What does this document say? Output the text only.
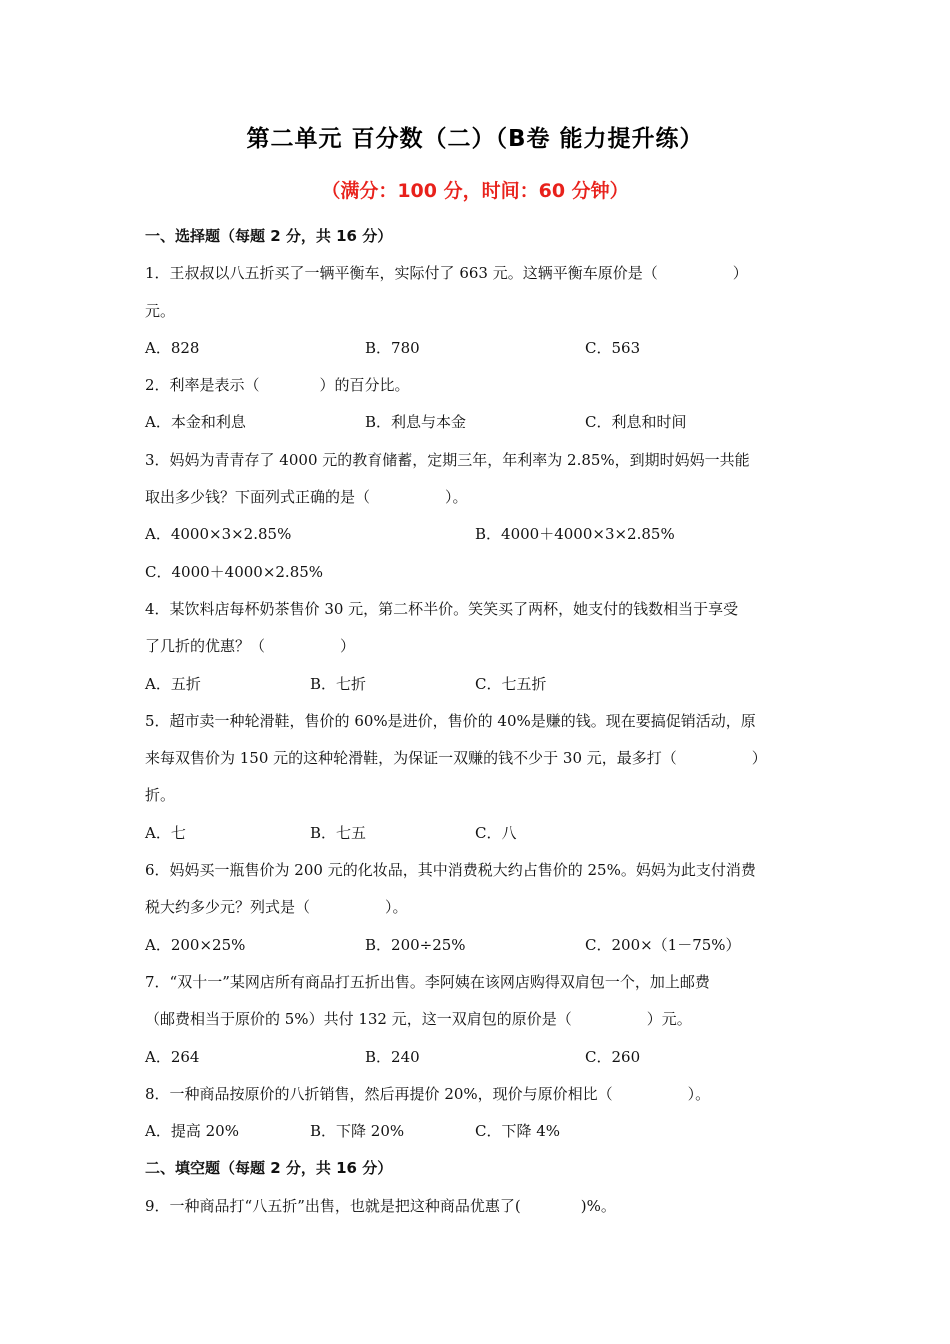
第二单元 百分数（二）（B卷 能力提升练）
（满分：100 分，时间：60 分钟）
一、选择题（每题 2 分，共 16 分）
1．王叔叔以八五折买了一辆平衡车，实际付了 663 元。这辆平衡车原价是（　　　　　）
元。
A．828	B．780	C．563
2．利率是表示（　　　　）的百分比。
A．本金和利息	B．利息与本金	C．利息和时间
3．妈妈为青青存了 4000 元的教育储蓄，定期三年，年利率为 2.85%，到期时妈妈一共能
取出多少钱？下面列式正确的是（　　　　　）。
A．4000×3×2.85%	B．4000＋4000×3×2.85%
C．4000＋4000×2.85%
4．某饮料店每杯奶茶售价 30 元，第二杯半价。笑笑买了两杯，她支付的钱数相当于享受
了几折的优惠？（　　　　　）
A．五折	B．七折	C．七五折
5．超市卖一种轮滑鞋，售价的 60%是进价，售价的 40%是赚的钱。现在要搞促销活动，原
来每双售价为 150 元的这种轮滑鞋，为保证一双赚的钱不少于 30 元，最多打（　　　　　）
折。
A．七	B．七五	C．八
6．妈妈买一瓶售价为 200 元的化妆品，其中消费税大约占售价的 25%。妈妈为此支付消费
税大约多少元？列式是（　　　　　）。
A．200×25%	B．200÷25%	C．200×（1－75%）
7．“双十一”某网店所有商品打五折出售。李阿姨在该网店购得双肩包一个，加上邮费
（邮费相当于原价的 5%）共付 132 元，这一双肩包的原价是（　　　　　）元。
A．264	B．240	C．260
8．一种商品按原价的八折销售，然后再提价 20%，现价与原价相比（　　　　　）。
A．提高 20%	B．下降 20%	C．下降 4%
二、填空题（每题 2 分，共 16 分）
9．一种商品打“八五折”出售，也就是把这种商品优惠了(　　　　)%。
